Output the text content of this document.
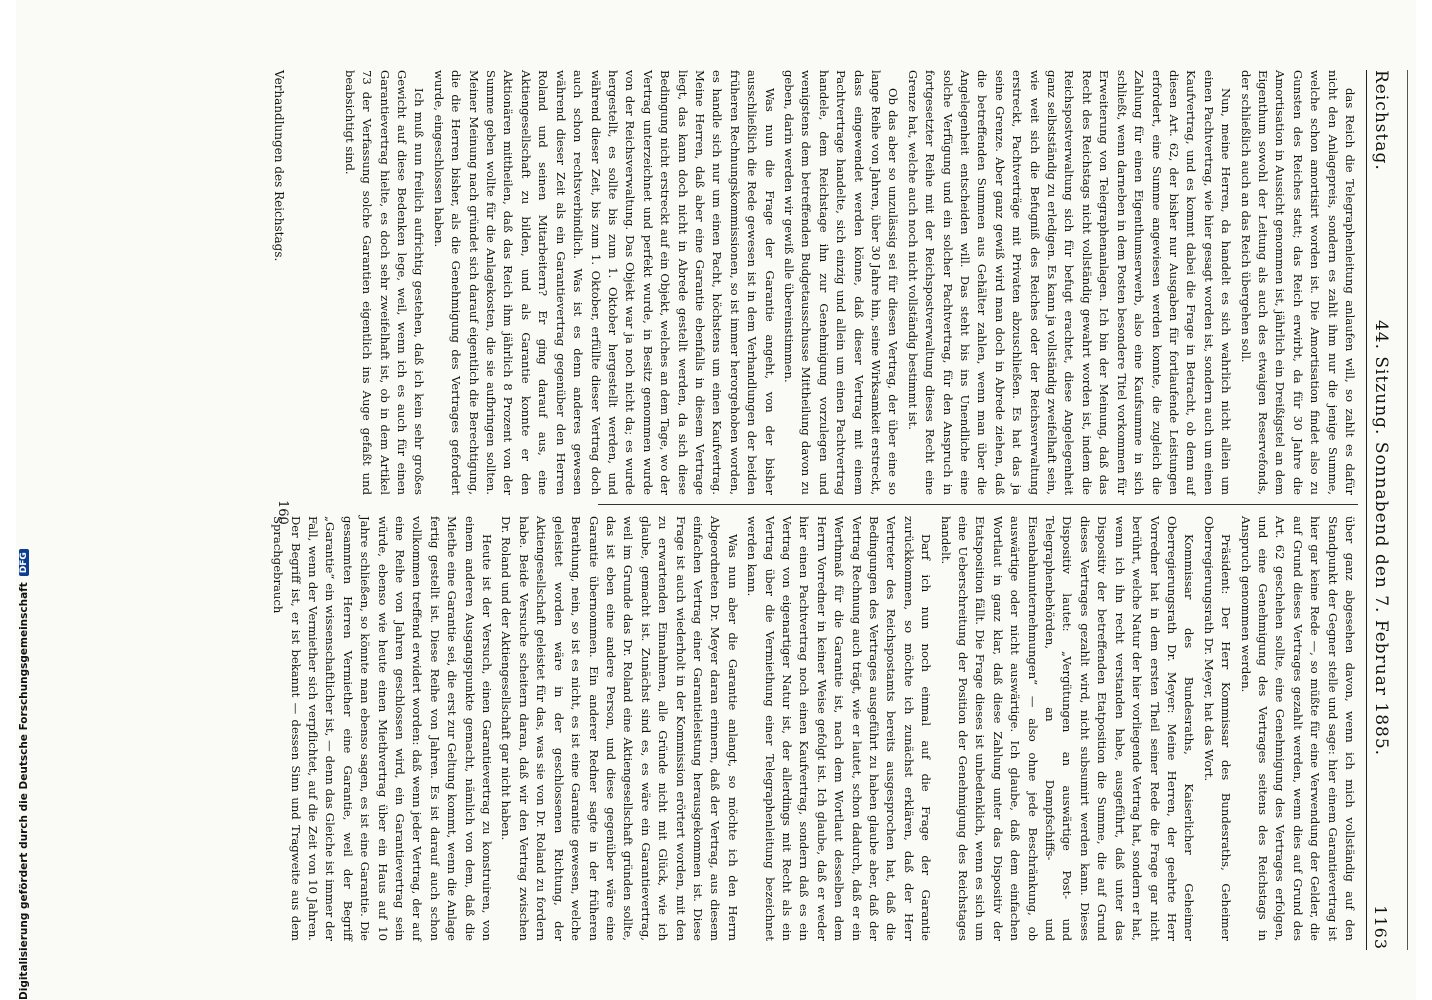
Reichstag.
44. Sitzung. Sonnabend den 7. Februar 1885.
1163

das Reich die Telegraphenleitung anlaufen will, so zahlt es dafür nicht den Anlagepreis, sondern es zahlt ihm nur die jenige Summe, welche schon amortisirt worden ist. Die Amortisation findet also zu Gunsten des Reiches statt; das Reich erwirbt, da für 30 Jahre die Amortisation in Aussicht genommen ist, jährlich ein Dreißigstel an dem Eigenthum sowohl der Leitung als auch des etwaigen Reservefonds, der schließlich auch an das Reich übergehen soll.

Nun, meine Herren, da handelt es sich wahrlich nicht allein um einen Pachtvertrag, wie hier gesagt worden ist, sondern auch um einen Kaufvertrag, und es kommt dabei die Frage in Betracht, ob denn auf diesen Art. 62, der bisher nur Ausgaben für fortlaufende Leistungen erfordert, eine Summe angewiesen werden konnte, die zugleich die Zahlung für einen Eigenthumserwerb, also eine Kaufsumme in sich schließt, wenn darneben in dem Posten besondere Titel vorkommen für Erweiterung von Telegraphenanlagen. Ich bin der Meinung, daß das Recht des Reichstags nicht vollständig gewahrt worden ist, indem die Reichspostverwaltung sich für befugt erachtet, diese Angelegenheit ganz selbstständig zu erledigen. Es kann ja vollständig zweifelhaft sein, wie weit sich die Befugniß des Reiches oder der Reichsverwaltung erstreckt, Pachtverträge mit Privaten abzuschließen. Es hat das ja seine Grenze. Aber ganz gewiß wird man doch in Abrede ziehen, daß die betreffenden Summen aus Gehälter zahlen, wenn man über die Angelegenheit entscheiden will. Das steht bis ins Unendliche eine solche Verfügung und ein solcher Pachtvertrag, für den Anspruch in fortgesetzter Reihe mit der Reichspostverwaltung dieses Recht eine Grenze hat, welche auch noch nicht vollständig bestimmt ist.

Ob das aber so unzulässig sei für diesen Vertrag, der über eine so lange Reihe von Jahren, über 30 Jahre hin, seine Wirksamkeit erstreckt, dass eingewendet werden könne, daß dieser Vertrag mit einem Pachtvertrage handelte, sich einzig und allein um einen Pachtvertrag handele, dem Reichstage ihn zur Genehmigung vorzulegen und wenigstens dem betreffenden Budgetausschusse Mittheilung davon zu geben, darin werden wir gewiß alle übereinstimmen.

Was nun die Frage der Garantie angeht, von der bisher ausschließlich die Rede gewesen ist in dem Verhandlungen der beiden früheren Rechnungskommissionen, so ist immer herorgehoben worden, es handle sich nur um einen Pacht, höchstens um einen Kaufvertrag. Meine Herren, daß aber eine Garantie ebenfalls in diesem Vertrage liegt, das kann doch nicht in Abrede gestellt werden, da sich diese Bedingung nicht erstreckt auf ein Objekt, welches an dem Tage, wo der Vertrag unterzeichnet und perfekt wurde, in Besitz genommen wurde von der Reichsverwaltung. Das Objekt war ja noch nicht da; es wurde hergestellt, es sollte bis zum 1. Oktober hergestellt werden, und während dieser Zeit, bis zum 1. Oktober, erfüllte dieser Vertrag doch auch schon rechtsverbindlich. Was ist es denn anderes gewesen während dieser Zeit als ein Garantievertrag gegenüber den Herren Roland und seinen Mitarbeitern? Er ging darauf aus, eine Aktiengesellschaft zu bilden, und als Garantie konnte er den Aktionären mittheilen, daß das Reich ihm jährlich 8 Prozent von der Summe geben wollte für die Anlagekosten, die sie aufbringen sollten. Meiner Meinung nach gründet sich darauf eigentlich die Berechtigung, die die Herren bisher, als die Genehmigung des Vertrages gefordert wurde, eingeschlossen haben.

Ich muß nun freilich aufrichtig gestehen, daß ich kein sehr großes Gewicht auf diese Bedenken lege, weil, wenn ich es auch für einen Garantievertrag hielte, es doch sehr zweifelhaft ist, ob in dem Artikel 73 der Verfassung solche Garantien eigentlich ins Auge gefaßt und beabsichtigt sind.

über ganz abgesehen davon, wenn ich mich vollständig auf den Standpunkt der Gegner stelle und sage: hier einem Garantievertrag ist hier gar keine Rede —, so müßte für eine Verwendung der Gelder, die auf Grund dieses Vertrages gezahlt werden, wenn dies auf Grund des Art. 62 geschehen sollte, eine Genehmigung des Vertrages erfolgen, und eine Genehmigung des Vertrages seitens des Reichstags in Anspruch genommen werden.

Präsident: Der Herr Kommissar des Bundesraths, Geheimer Oberregierungsrath Dr. Meyer, hat das Wort.

Kommissar des Bundesraths, Kaiserlicher Geheimer Oberregierungsrath Dr. Meyer: Meine Herren, der geehrte Herr Vorredner hat in dem ersten Theil seiner Rede die Frage gar nicht berührt, welche Natur der hier vorliegende Vertrag hat, sondern er hat, wenn ich ihn recht verstanden habe, ausgeführt, daß unter das Dispositiv der betreffenden Etatposition die Summe, die auf Grund dieses Vertrages gezahlt wird, nicht subsumirt werden kann. Dieses Dispositiv lautet: „Vergütungen an auswärtige Post- und Telegraphenbehörden, an Dampfschiffs- und Eisenbahnunternehmungen“ — also ohne jede Beschränkung, ob auswärtige oder nicht auswärtige. Ich glaube, daß dem einfachen Wortlaut in ganz klar, daß diese Zahlung unter das Dispositiv der Etatsposition fällt. Die Frage dieses ist unbedenklich, wenn es sich um eine Ueberschreitung der Position der Genehmigung des Reichstages handelt.

Darf ich nun noch einmal auf die Frage der Garantie zurückkommen, so möchte ich zunächst erklären, daß der Herr Vertreter des Reichspostamts bereits ausgesprochen hat, daß die Bedingungen des Vertrages ausgeführt zu haben glaube aber, daß der Vertrag Rechnung auch trägt, wie er lautet, schon dadurch, daß er ein Werthmaß für die Garantie ist, nach dem Wortlaut desselben dem Herrn Vorredner in keiner Weise gefolgt ist. Ich glaube, daß er weder hier einen Pachtvertrag noch einen Kaufvertrag, sondern daß es ein Vertrag von eigenartiger Natur ist, der allerdings mit Recht als ein Vertrag über die Vermiethung einer Telegraphenleitung bezeichnet werden kann.

Was nun aber die Garantie anlangt, so möchte ich den Herrn Abgeordneten Dr. Meyer daran erinnern, daß der Vertrag, aus diesem einfachen Vertrag einer Garantieleistung herausgekommen ist. Diese Frage ist auch wiederholt in der Kommission erörtert worden, mit den zu erwartenden Einnahmen, alle Gründe nicht mit Glück, wie ich glaube, gemacht ist. Zunächst sind es, es wäre ein Garantievertrag, weil im Grunde das Dr. Roland eine Aktiengesellschaft gründen sollte, das ist eben eine andere Person, und diese gegenüber wäre eine Garantie übernommen. Ein anderer Redner sagte in der früheren Berathung, nein, so ist es nicht, es ist eine Garantie gewesen, welche geleistet worden wäre in der geschlossenen Richtung, der Aktiengesellschaft geleistet für das, was sie von Dr. Roland zu fordern habe. Beide Versuche scheitern daran, daß wir den Vertrag zwischen Dr. Roland und der Aktiengesellschaft gar nicht haben.

Heute ist der Versuch, einen Garantievertrag zu konstruiren, von einem anderen Ausgangspunkte gemacht, nämlich von dem, daß die Miethe eine Garantie sei, die erst zur Geltung kommt, wenn die Anlage fertig gestellt ist. Diese Reihe von Jahren. Es ist darauf auch schon vollkommen treffend erwidert worden: daß wenn jeder Vertrag, der auf eine Reihe von Jahren geschlossen wird, ein Garantievertrag sein würde, ebenso wie heute einen Miethvertrag über ein Haus auf 10 Jahre schließen, so könnte man ebenso sagen, es ist eine Garantie. Die gesammten Herren Vermiether eine Garantie, weil der Begriff „Garantie“ ein wissenschaftlicher ist, — denn das Gleiche ist immer der Fall, wenn der Vermiether sich verpflichtet, auf die Zeit von 10 Jahren. Der Begriff ist, er ist bekannt — dessen Sinn und Tragweite aus dem Sprachgebrauch

Verhandlungen des Reichstags.
160
Digitalisierung gefördert durch die Deutsche Forschungsgemeinschaft
DFG
